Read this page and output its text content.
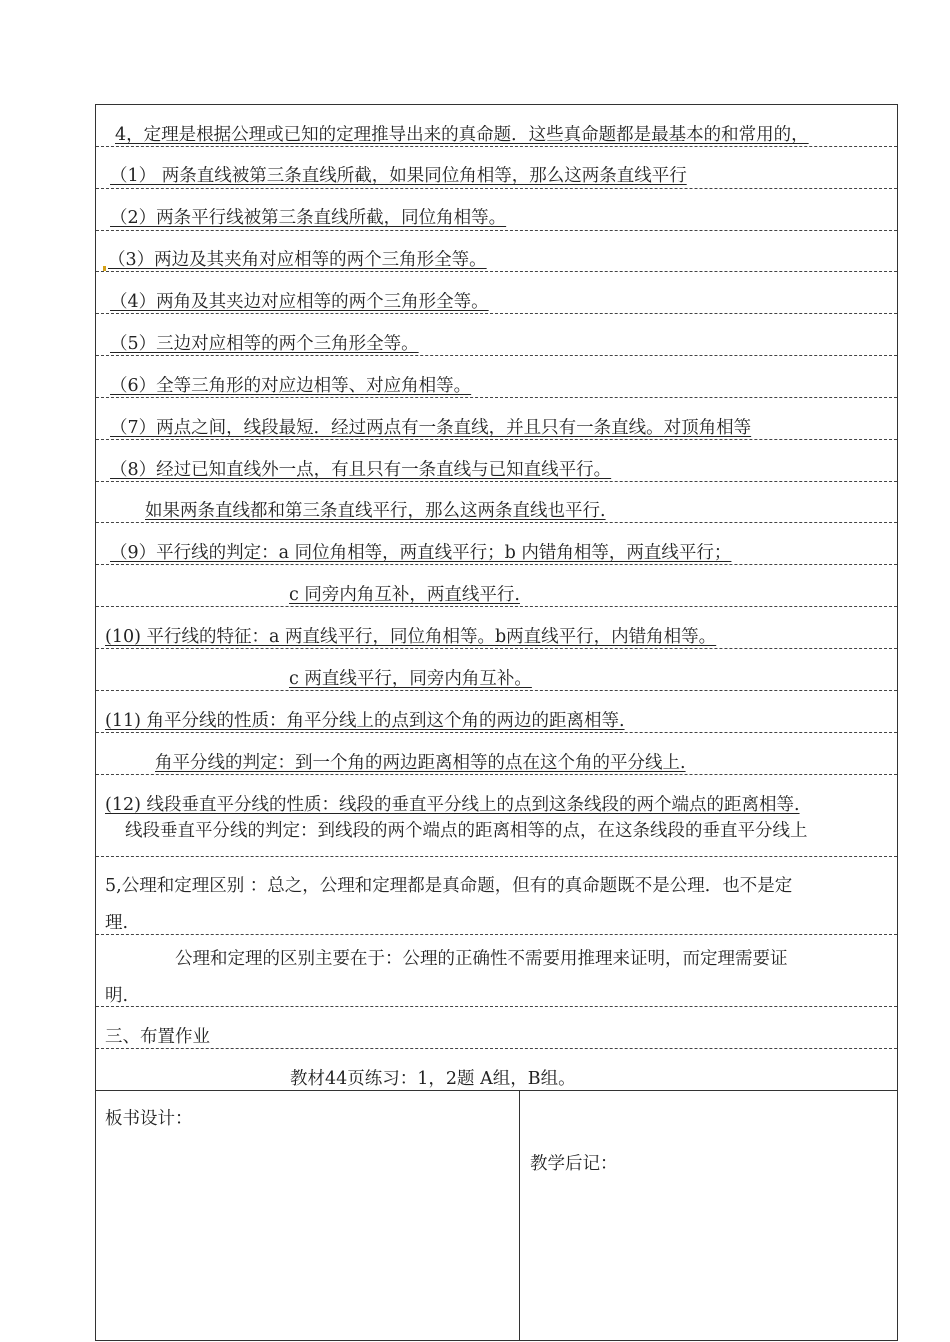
4，定理是根据公理或已知的定理推导出来的真命题．这些真命题都是最基本的和常用的，
（1） 两条直线被第三条直线所截，如果同位角相等，那么这两条直线平行
（2）两条平行线被第三条直线所截，同位角相等。
（3）两边及其夹角对应相等的两个三角形全等。
（4）两角及其夹边对应相等的两个三角形全等。
（5）三边对应相等的两个三角形全等。
（6）全等三角形的对应边相等、对应角相等。
（7）两点之间，线段最短．经过两点有一条直线，并且只有一条直线。对顶角相等
（8）经过已知直线外一点，有且只有一条直线与已知直线平行。
如果两条直线都和第三条直线平行，那么这两条直线也平行.
（9）平行线的判定：a 同位角相等，两直线平行；b 内错角相等，两直线平行；
c 同旁内角互补，两直线平行.
(10) 平行线的特征：a 两直线平行，同位角相等。b两直线平行，内错角相等。
c 两直线平行，同旁内角互补。
(11) 角平分线的性质：角平分线上的点到这个角的两边的距离相等.
角平分线的判定：到一个角的两边距离相等的点在这个角的平分线上.
(12) 线段垂直平分线的性质：线段的垂直平分线上的点到这条线段的两个端点的距离相等.
线段垂直平分线的判定：到线段的两个端点的距离相等的点，在这条线段的垂直平分线上
5,公理和定理区别 ：总之，公理和定理都是真命题，但有的真命题既不是公理．也不是定
理.
公理和定理的区别主要在于：公理的正确性不需要用推理来证明，而定理需要证
明.
三、布置作业
教材44页练习：1，2题 A组，B组。
板书设计：
教学后记：
